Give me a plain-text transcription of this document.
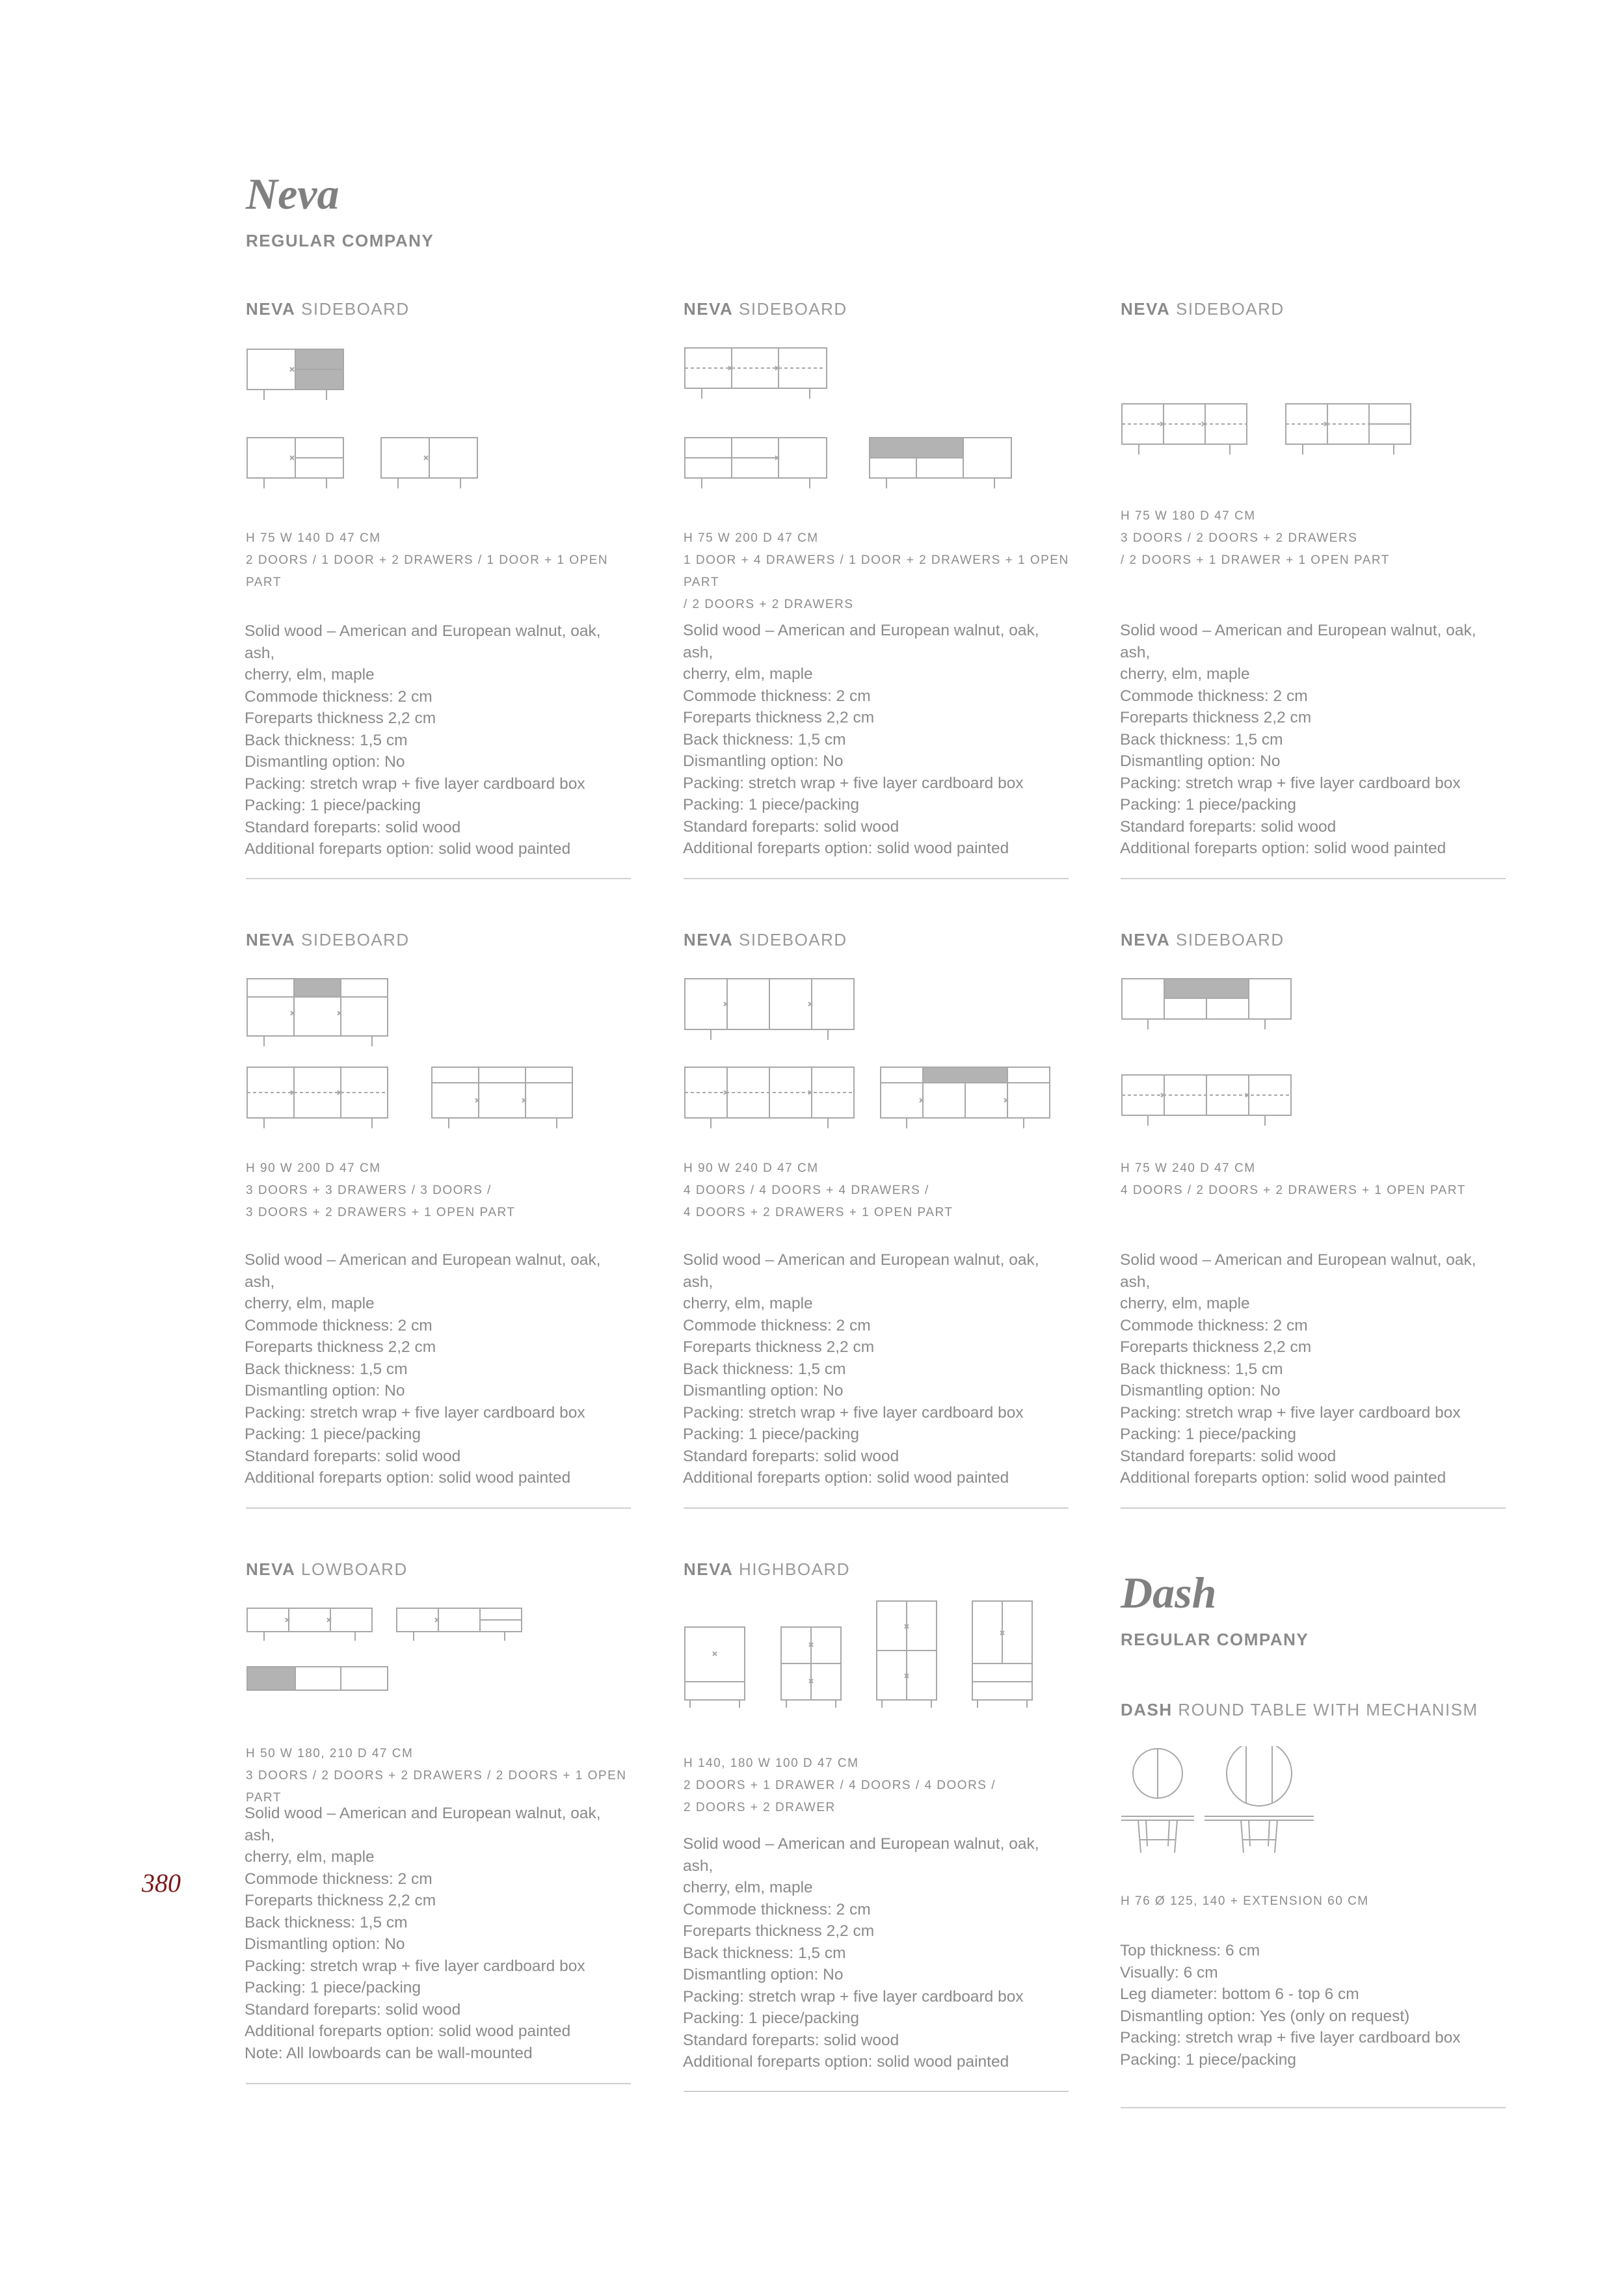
Neva

REGULAR COMPANY

Dash

REGULAR COMPANY

NEVA SIDEBOARD

H 75 W 140 D 47 CM
2 DOORS / 1 DOOR + 2 DRAWERS / 1 DOOR + 1 OPEN PART

Solid wood – American and European walnut, oak, ash,
cherry, elm, maple
Commode thickness: 2 cm
Foreparts thickness 2,2 cm
Back thickness: 1,5 cm
Dismantling option: No
Packing: stretch wrap + five layer cardboard box
Packing: 1 piece/packing
Standard foreparts: solid wood
Additional foreparts option: solid wood painted

NEVA SIDEBOARD

H 75 W 200 D 47 CM
1 DOOR + 4 DRAWERS / 1 DOOR + 2 DRAWERS + 1 OPEN PART
/ 2 DOORS + 2 DRAWERS

Solid wood – American and European walnut, oak, ash,
cherry, elm, maple
Commode thickness: 2 cm
Foreparts thickness 2,2 cm
Back thickness: 1,5 cm
Dismantling option: No
Packing: stretch wrap + five layer cardboard box
Packing: 1 piece/packing
Standard foreparts: solid wood
Additional foreparts option: solid wood painted

NEVA SIDEBOARD

H 75 W 180 D 47 CM
3 DOORS / 2 DOORS + 2 DRAWERS
/ 2 DOORS + 1 DRAWER + 1 OPEN PART

Solid wood – American and European walnut, oak, ash,
cherry, elm, maple
Commode thickness: 2 cm
Foreparts thickness 2,2 cm
Back thickness: 1,5 cm
Dismantling option: No
Packing: stretch wrap + five layer cardboard box
Packing: 1 piece/packing
Standard foreparts: solid wood
Additional foreparts option: solid wood painted

NEVA SIDEBOARD

H 90 W 200 D 47 CM
3 DOORS + 3 DRAWERS / 3 DOORS /
3 DOORS + 2 DRAWERS + 1 OPEN PART

Solid wood – American and European walnut, oak, ash,
cherry, elm, maple
Commode thickness: 2 cm
Foreparts thickness 2,2 cm
Back thickness: 1,5 cm
Dismantling option: No
Packing: stretch wrap + five layer cardboard box
Packing: 1 piece/packing
Standard foreparts: solid wood
Additional foreparts option: solid wood painted

NEVA SIDEBOARD

H 90 W 240 D 47 CM
4 DOORS / 4 DOORS + 4 DRAWERS /
4 DOORS + 2 DRAWERS + 1 OPEN PART

Solid wood – American and European walnut, oak, ash,
cherry, elm, maple
Commode thickness: 2 cm
Foreparts thickness 2,2 cm
Back thickness: 1,5 cm
Dismantling option: No
Packing: stretch wrap + five layer cardboard box
Packing: 1 piece/packing
Standard foreparts: solid wood
Additional foreparts option: solid wood painted

NEVA SIDEBOARD

H 75 W 240 D 47 CM
4 DOORS / 2 DOORS + 2 DRAWERS + 1 OPEN PART

Solid wood – American and European walnut, oak, ash,
cherry, elm, maple
Commode thickness: 2 cm
Foreparts thickness 2,2 cm
Back thickness: 1,5 cm
Dismantling option: No
Packing: stretch wrap + five layer cardboard box
Packing: 1 piece/packing
Standard foreparts: solid wood
Additional foreparts option: solid wood painted

NEVA LOWBOARD

H 50 W 180, 210 D 47 CM
3 DOORS / 2 DOORS + 2 DRAWERS / 2 DOORS + 1 OPEN PART

Solid wood – American and European walnut, oak, ash,
cherry, elm, maple
Commode thickness: 2 cm
Foreparts thickness 2,2 cm
Back thickness: 1,5 cm
Dismantling option: No
Packing: stretch wrap + five layer cardboard box
Packing: 1 piece/packing
Standard foreparts: solid wood
Additional foreparts option: solid wood painted
Note: All lowboards can be wall-mounted

NEVA HIGHBOARD

H 140, 180 W 100 D 47 CM
2 DOORS + 1 DRAWER / 4 DOORS / 4 DOORS /
2 DOORS + 2 DRAWER

Solid wood – American and European walnut, oak, ash,
cherry, elm, maple
Commode thickness: 2 cm
Foreparts thickness 2,2 cm
Back thickness: 1,5 cm
Dismantling option: No
Packing: stretch wrap + five layer cardboard box
Packing: 1 piece/packing
Standard foreparts: solid wood
Additional foreparts option: solid wood painted

DASH ROUND TABLE WITH MECHANISM

H 76 Ø 125, 140 + EXTENSION 60 CM

Top thickness: 6 cm
Visually: 6 cm
Leg diameter: bottom 6 - top 6 cm
Dismantling option: Yes (only on request)
Packing: stretch wrap + five layer cardboard box
Packing: 1 piece/packing

380
